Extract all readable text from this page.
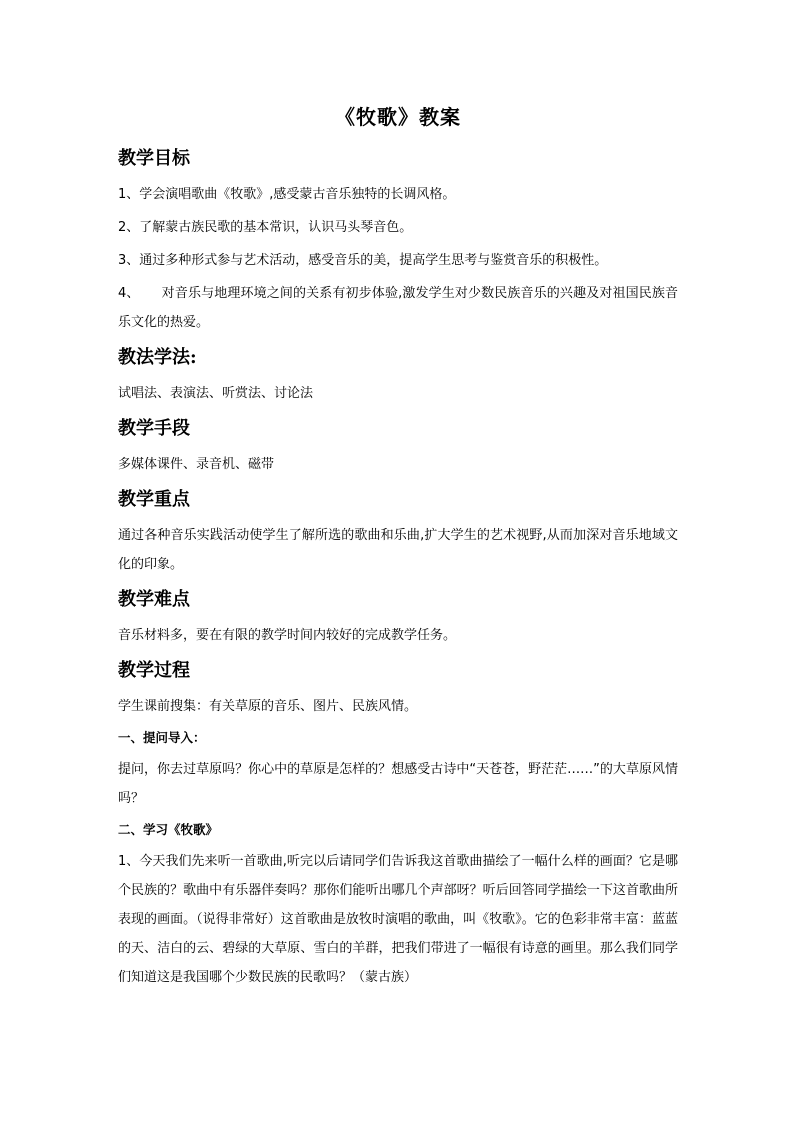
《牧歌》教案
教学目标
1、学会演唱歌曲《牧歌》,感受蒙古音乐独特的长调风格。
2、了解蒙古族民歌的基本常识，认识马头琴音色。
3、通过多种形式参与艺术活动，感受音乐的美，提高学生思考与鉴赏音乐的积极性。
4、 对音乐与地理环境之间的关系有初步体验,激发学生对少数民族音乐的兴趣及对祖国民族音乐文化的热爱。
教法学法:
试唱法、表演法、听赏法、讨论法
教学手段
多媒体课件、录音机、磁带
教学重点
通过各种音乐实践活动使学生了解所选的歌曲和乐曲,扩大学生的艺术视野,从而加深对音乐地域文化的印象。
教学难点
音乐材料多，要在有限的教学时间内较好的完成教学任务。
教学过程
学生课前搜集：有关草原的音乐、图片、民族风情。
一、提问导入：
提问，你去过草原吗？你心中的草原是怎样的？想感受古诗中“天苍苍，野茫茫……”的大草原风情吗？
二、学习《牧歌》
1、今天我们先来听一首歌曲,听完以后请同学们告诉我这首歌曲描绘了一幅什么样的画面？它是哪个民族的？歌曲中有乐器伴奏吗？那你们能听出哪几个声部呀？听后回答同学描绘一下这首歌曲所表现的画面。（说得非常好）这首歌曲是放牧时演唱的歌曲，叫《牧歌》。它的色彩非常丰富：蓝蓝的天、洁白的云、碧绿的大草原、雪白的羊群，把我们带进了一幅很有诗意的画里。那么我们同学们知道这是我国哪个少数民族的民歌吗？（蒙古族）
